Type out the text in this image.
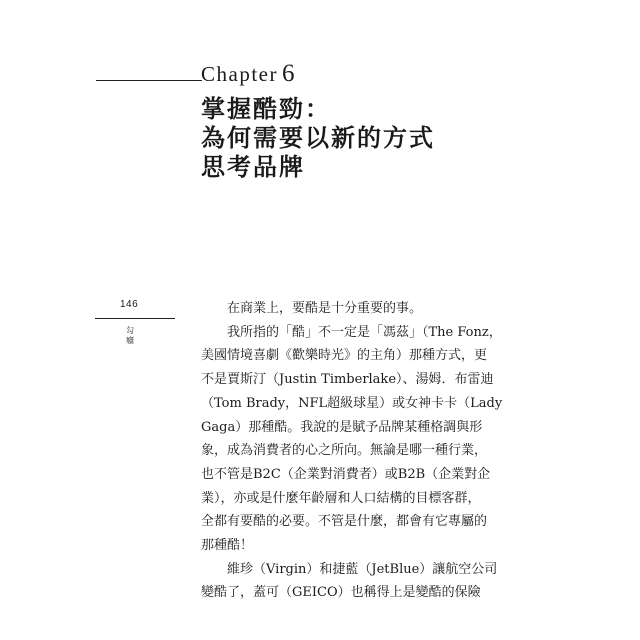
Chapter 6
掌握酷勁：
為何需要以新的方式
思考品牌
146
勾
癮
在商業上，要酷是十分重要的事。
我所指的「酷」不一定是「馮茲」（The Fonz，
美國情境喜劇《歡樂時光》的主角）那種方式，更
不是賈斯汀（Justin Timberlake）、湯姆．布雷迪
（Tom Brady，NFL超級球星）或女神卡卡（Lady
Gaga）那種酷。我說的是賦予品牌某種格調與形
象，成為消費者的心之所向。無論是哪一種行業，
也不管是B2C（企業對消費者）或B2B（企業對企
業），亦或是什麼年齡層和人口結構的目標客群，
全都有要酷的必要。不管是什麼，都會有它專屬的
那種酷！
維珍（Virgin）和捷藍（JetBlue）讓航空公司
變酷了，蓋可（GEICO）也稱得上是變酷的保險
